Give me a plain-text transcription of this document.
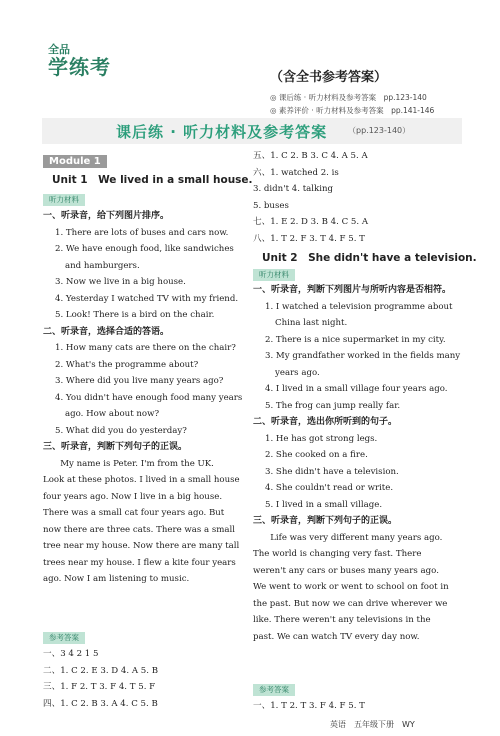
全品
学练考	（含全书参考答案）
◎ 课后练 · 听力材料及参考答案　pp.123-140
◎ 素养评价 · 听力材料及参考答案　pp.141-146
课后练 · 听力材料及参考答案	（pp.123-140）
Module 1
Unit 1　We lived in a small house.
听力材料
一、听录音，给下列图片排序。
1. There are lots of buses and cars now.
2. We have enough food, like sandwiches
and hamburgers.
3. Now we live in a big house.
4. Yesterday I watched TV with my friend.
5. Look! There is a bird on the chair.
二、听录音，选择合适的答语。
1. How many cats are there on the chair?
2. What's the programme about?
3. Where did you live many years ago?
4. You didn't have enough food many years
ago. How about now?
5. What did you do yesterday?
三、听录音，判断下列句子的正误。
　　My name is Peter. I'm from the UK.
Look at these photos. I lived in a small house
four years ago. Now I live in a big house.
There was a small cat four years ago. But
now there are three cats. There was a small
tree near my house. Now there are many tall
trees near my house. I flew a kite four years
ago. Now I am listening to music.
参考答案
一、3 4 2 1 5
二、1. C 2. E 3. D 4. A 5. B
三、1. F 2. T 3. F 4. T 5. F
四、1. C 2. B 3. A 4. C 5. B
五、1. C 2. B 3. C 4. A 5. A
六、1. watched 2. is
3. didn't 4. talking
5. buses
七、1. E 2. D 3. B 4. C 5. A
八、1. T 2. F 3. T 4. F 5. T
Unit 2　She didn't have a television.
听力材料
一、听录音，判断下列图片与所听内容是否相符。
1. I watched a television programme about
China last night.
2. There is a nice supermarket in my city.
3. My grandfather worked in the fields many
years ago.
4. I lived in a small village four years ago.
5. The frog can jump really far.
二、听录音，选出你所听到的句子。
1. He has got strong legs.
2. She cooked on a fire.
3. She didn't have a television.
4. She couldn't read or write.
5. I lived in a small village.
三、听录音，判断下列句子的正误。
　　Life was very different many years ago.
The world is changing very fast. There
weren't any cars or buses many years ago.
We went to work or went to school on foot in
the past. But now we can drive wherever we
like. There weren't any televisions in the
past. We can watch TV every day now.
参考答案
一、1. T 2. T 3. F 4. F 5. T
英语　五年级下册　WY
